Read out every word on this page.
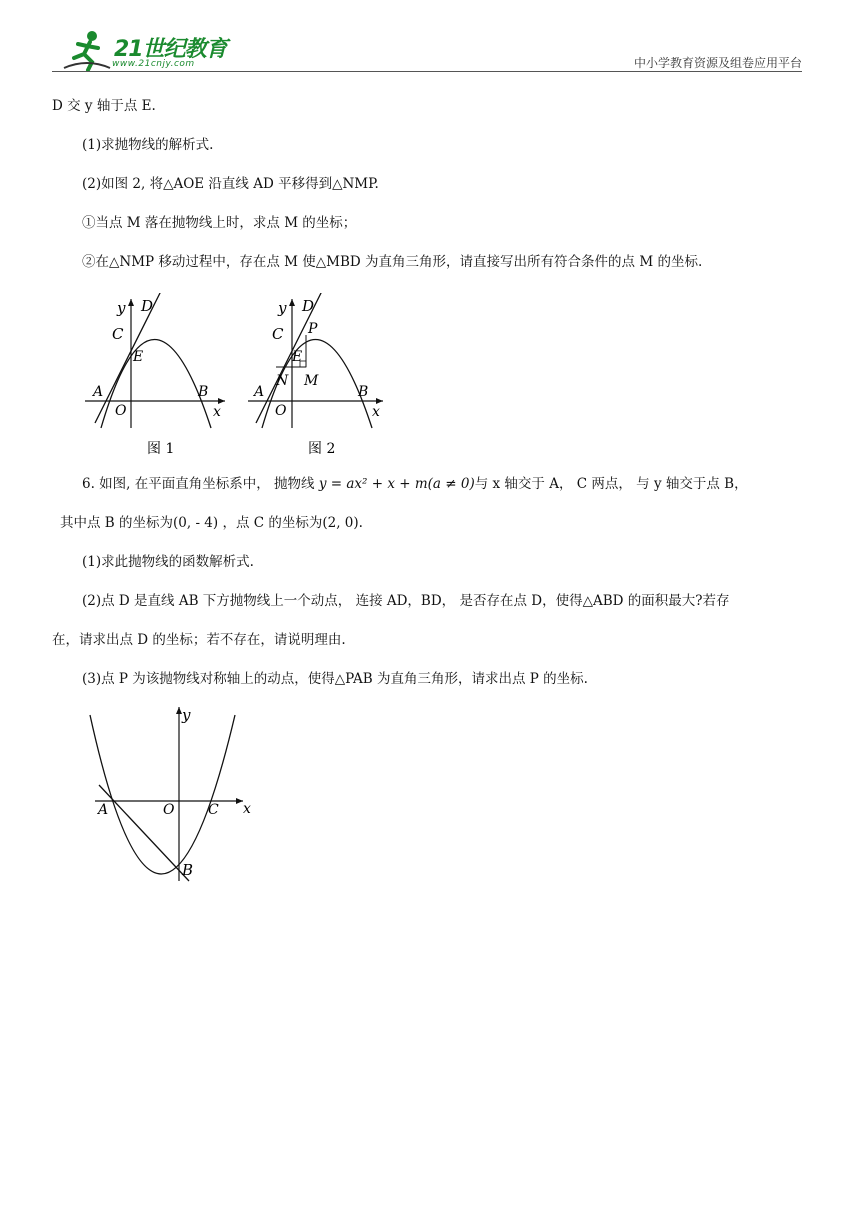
21世纪教育
www.21cnjy.com	中小学教育资源及组卷应用平台
D 交 y 轴于点 E.
(1)求抛物线的解析式.
(2)如图 2, 将△AOE 沿直线 AD 平移得到△NMP.
①当点 M 落在抛物线上时，求点 M 的坐标；
②在△NMP 移动过程中，存在点 M 使△MBD 为直角三角形，请直接写出所有符合条件的点 M 的坐标.
y D
C
E
A
O
B
x
图 1
y D
C P
E
N M
A
O
B
x
图 2
6. 如图, 在平面直角坐标系中， 抛物线 y = ax² + x + m(a ≠ 0)与 x 轴交于 A， C 两点， 与 y 轴交于点 B，
其中点 B 的坐标为(0, - 4) ，点 C 的坐标为(2, 0).
(1)求此抛物线的函数解析式.
(2)点 D 是直线 AB 下方抛物线上一个动点， 连接 AD，BD， 是否存在点 D，使得△ABD 的面积最大?若存
在，请求出点 D 的坐标；若不存在，请说明理由.
(3)点 P 为该抛物线对称轴上的动点，使得△PAB 为直角三角形，请求出点 P 的坐标.
y
A	O C x
B
